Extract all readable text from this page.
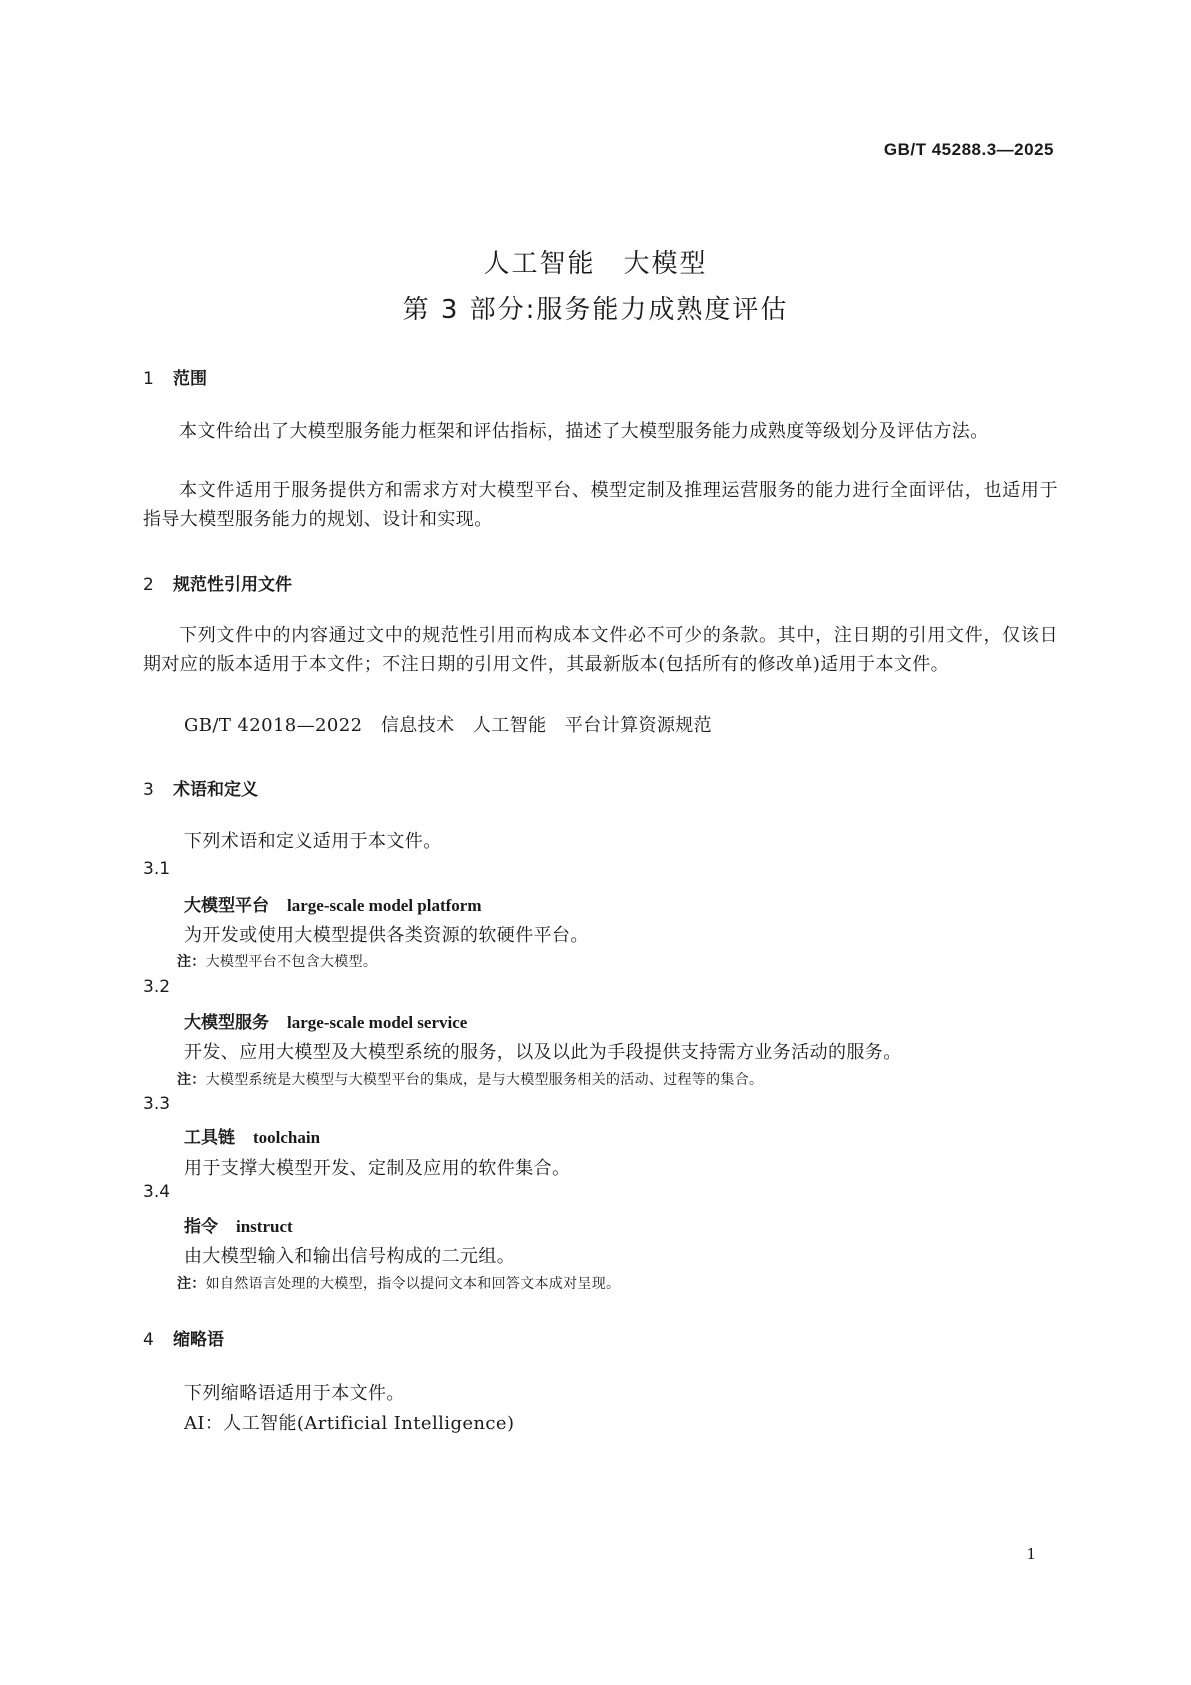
GB/T 45288.3—2025
人工智能　大模型
第 3 部分:服务能力成熟度评估
1 范围
本文件给出了大模型服务能力框架和评估指标，描述了大模型服务能力成熟度等级划分及评估方法。
本文件适用于服务提供方和需求方对大模型平台、模型定制及推理运营服务的能力进行全面评估，也适用于指导大模型服务能力的规划、设计和实现。
2 规范性引用文件
下列文件中的内容通过文中的规范性引用而构成本文件必不可少的条款。其中，注日期的引用文件，仅该日期对应的版本适用于本文件；不注日期的引用文件，其最新版本(包括所有的修改单)适用于本文件。
GB/T 42018—2022　信息技术　人工智能　平台计算资源规范
3 术语和定义
下列术语和定义适用于本文件。
3.1
大模型平台 large-scale model platform
为开发或使用大模型提供各类资源的软硬件平台。
注：大模型平台不包含大模型。
3.2
大模型服务 large-scale model service
开发、应用大模型及大模型系统的服务，以及以此为手段提供支持需方业务活动的服务。
注：大模型系统是大模型与大模型平台的集成，是与大模型服务相关的活动、过程等的集合。
3.3
工具链 toolchain
用于支撑大模型开发、定制及应用的软件集合。
3.4
指令 instruct
由大模型输入和输出信号构成的二元组。
注：如自然语言处理的大模型，指令以提问文本和回答文本成对呈现。
4 缩略语
下列缩略语适用于本文件。
AI：人工智能(Artificial Intelligence)
1
